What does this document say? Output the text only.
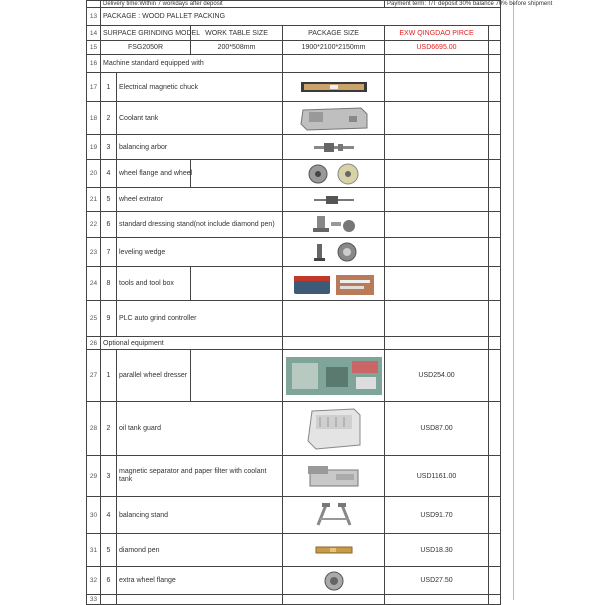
	Delivery time:Within 7 workdays after deposit				Payment term: T/T deposit 30% balance 70% before shipment	
13	PACKAGE : WOOD PALLET PACKING					
14	SURPACE GRINDING MODEL		WORK TABLE SIZE	PACKAGE SIZE	EXW QINGDAO PIRCE	
15	FSG2050R		200*508mm	1900*2100*2150mm	USD6695.00	
16	Machine standard equipped with					
17	1	Electrical magnetic chuck			
18	2	Coolant tank			
19	3	balancing arbor			
20	4	wheel flange and wheel				
21	5	wheel extrator			
22	6	standard dressing stand(not include diamond pen)			
23	7	leveling wedge			
24	8	tools and tool box				
25	9	PLC auto grind controller				
26	Optional equipment					
27	1	parallel wheel dresser			USD254.00	
28	2	oil tank guard			USD87.00	
29	3	magnetic separator and paper filter with coolant tank			USD1161.00	
30	4	balancing stand			USD91.70	
31	5	diamond pen			USD18.30	
32	6	extra wheel flange			USD27.50	
33						
